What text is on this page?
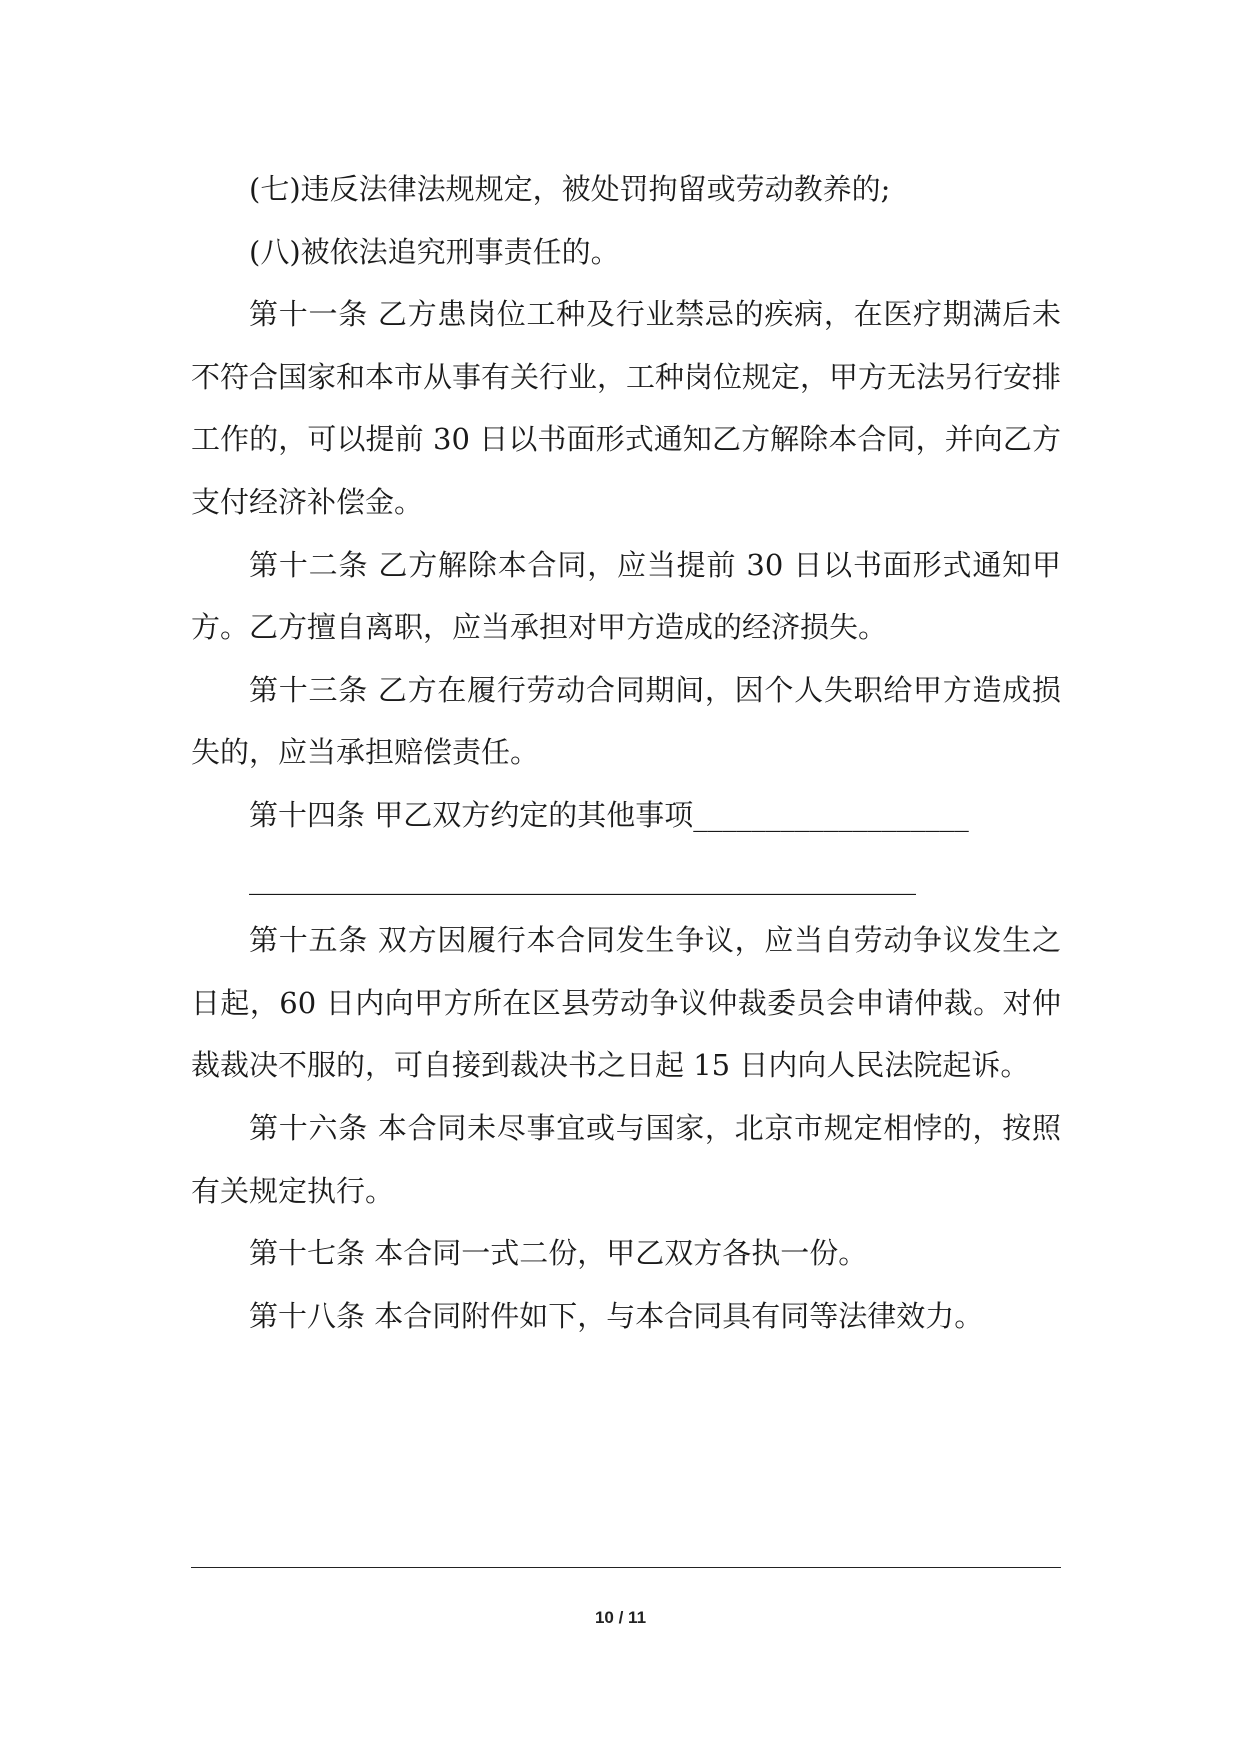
(七)违反法律法规规定，被处罚拘留或劳动教养的;

(八)被依法追究刑事责任的。

第十一条 乙方患岗位工种及行业禁忌的疾病，在医疗期满后未不符合国家和本市从事有关行业，工种岗位规定，甲方无法另行安排工作的，可以提前 30 日以书面形式通知乙方解除本合同，并向乙方支付经济补偿金。

第十二条 乙方解除本合同，应当提前 30 日以书面形式通知甲方。乙方擅自离职，应当承担对甲方造成的经济损失。

第十三条 乙方在履行劳动合同期间，因个人失职给甲方造成损失的，应当承担赔偿责任。

第十四条 甲乙双方约定的其他事项___________________

______________________________________________

第十五条 双方因履行本合同发生争议，应当自劳动争议发生之日起，60 日内向甲方所在区县劳动争议仲裁委员会申请仲裁。对仲裁裁决不服的，可自接到裁决书之日起 15 日内向人民法院起诉。

第十六条 本合同未尽事宜或与国家，北京市规定相悖的，按照有关规定执行。

第十七条 本合同一式二份，甲乙双方各执一份。

第十八条 本合同附件如下，与本合同具有同等法律效力。

10 / 11
